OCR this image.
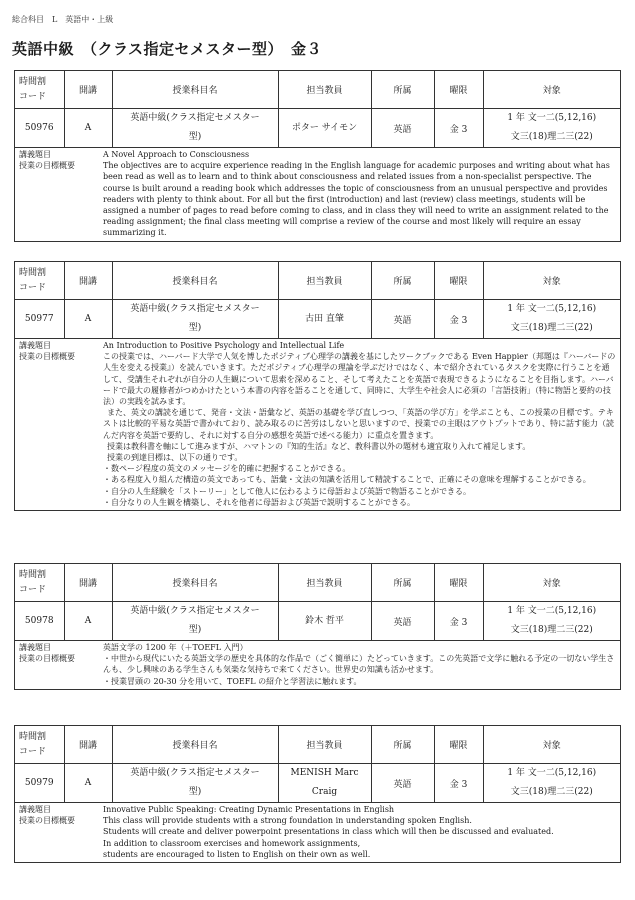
総合科目　L　英語中・上級
英語中級　（クラス指定セメスター型）　金３
時間割
コード	開講	授業科目名	担当教員	所属	曜限	対象
50976	A	英語中級(クラス指定セメスター
型)	ポター サイモン	英語	金 3	1 年 文一二(5,12,16)
文三(18)理二三(22)
講義題目
授業の目標概要
A Novel Approach to Consciousness

The objectives are to acquire experience reading in the English language for academic purposes and writing about what has been read as well as to learn and to think about consciousness and related issues from a non-specialist perspective. The course is built around a reading book which addresses the topic of consciousness from an unusual perspective and provides readers with plenty to think about. For all but the first (introduction) and last (review) class meetings, students will be assigned a number of pages to read before coming to class, and in class they will need to write an assignment related to the reading assignment; the final class meeting will comprise a review of the course and most likely will require an essay summarizing it.

時間割
コード	開講	授業科目名	担当教員	所属	曜限	対象
50977	A	英語中級(クラス指定セメスター
型)	古田 直肇	英語	金 3	1 年 文一二(5,12,16)
文三(18)理二三(22)
講義題目
授業の目標概要
An Introduction to Positive Psychology and Intellectual Life

この授業では、ハーバード大学で人気を博したポジティブ心理学の講義を基にしたワークブックである Even Happier（邦題は『ハーバードの人生を変える授業』）を読んでいきます。ただポジティブ心理学の理論を学ぶだけではなく、本で紹介されているタスクを実際に行うことを通して、受講生それぞれが自分の人生観について思索を深めること、そして考えたことを英語で表現できるようになることを目指します。ハーバードで最大の履修者がつめかけたという本書の内容を語ることを通して、同時に、大学生や社会人に必須の「言語技術」（特に物語と要約の技法）の実践を試みます。

また、英文の講読を通じて、発音・文法・語彙など、英語の基礎を学び直しつつ、「英語の学び方」を学ぶことも、この授業の目標です。テキストは比較的平易な英語で書かれており、読み取るのに苦労はしないと思いますので、授業での主眼はアウトプットであり、特に話す能力（読んだ内容を英語で要約し、それに対する自分の感想を英語で述べる能力）に重点を置きます。

授業は教科書を軸にして進みますが、ハマトンの『知的生活』など、教科書以外の題材も適宜取り入れて補足します。

授業の到達目標は、以下の通りです。

・数ページ程度の英文のメッセージを的確に把握することができる。

・ある程度入り組んだ構造の英文であっても、語彙・文法の知識を活用して精読することで、正確にその意味を理解することができる。

・自分の人生経験を「ストーリー」として他人に伝わるように母語および英語で物語ることができる。

・自分なりの人生観を構築し、それを他者に母語および英語で説明することができる。

時間割
コード	開講	授業科目名	担当教員	所属	曜限	対象
50978	A	英語中級(クラス指定セメスター
型)	鈴木 哲平	英語	金 3	1 年 文一二(5,12,16)
文三(18)理二三(22)
講義題目
授業の目標概要
英語文学の 1200 年（＋TOEFL 入門）

・中世から現代にいたる英語文学の歴史を具体的な作品で（ごく簡単に）たどっていきます。この先英語で文学に触れる予定の一切ない学生さんも、少し興味のある学生さんも気楽な気持ちで来てください。世界史の知識も活かせます。

・授業冒頭の 20-30 分を用いて、TOEFL の紹介と学習法に触れます。

時間割
コード	開講	授業科目名	担当教員	所属	曜限	対象
50979	A	英語中級(クラス指定セメスター
型)	MENISH Marc
Craig	英語	金 3	1 年 文一二(5,12,16)
文三(18)理二三(22)
講義題目
授業の目標概要
Innovative Public Speaking: Creating Dynamic Presentations in English

This class will provide students with a strong foundation in understanding spoken English.

Students will create and deliver powerpoint presentations in class which will then be discussed and evaluated.

In addition to classroom exercises and homework assignments,

students are encouraged to listen to English on their own as well.
